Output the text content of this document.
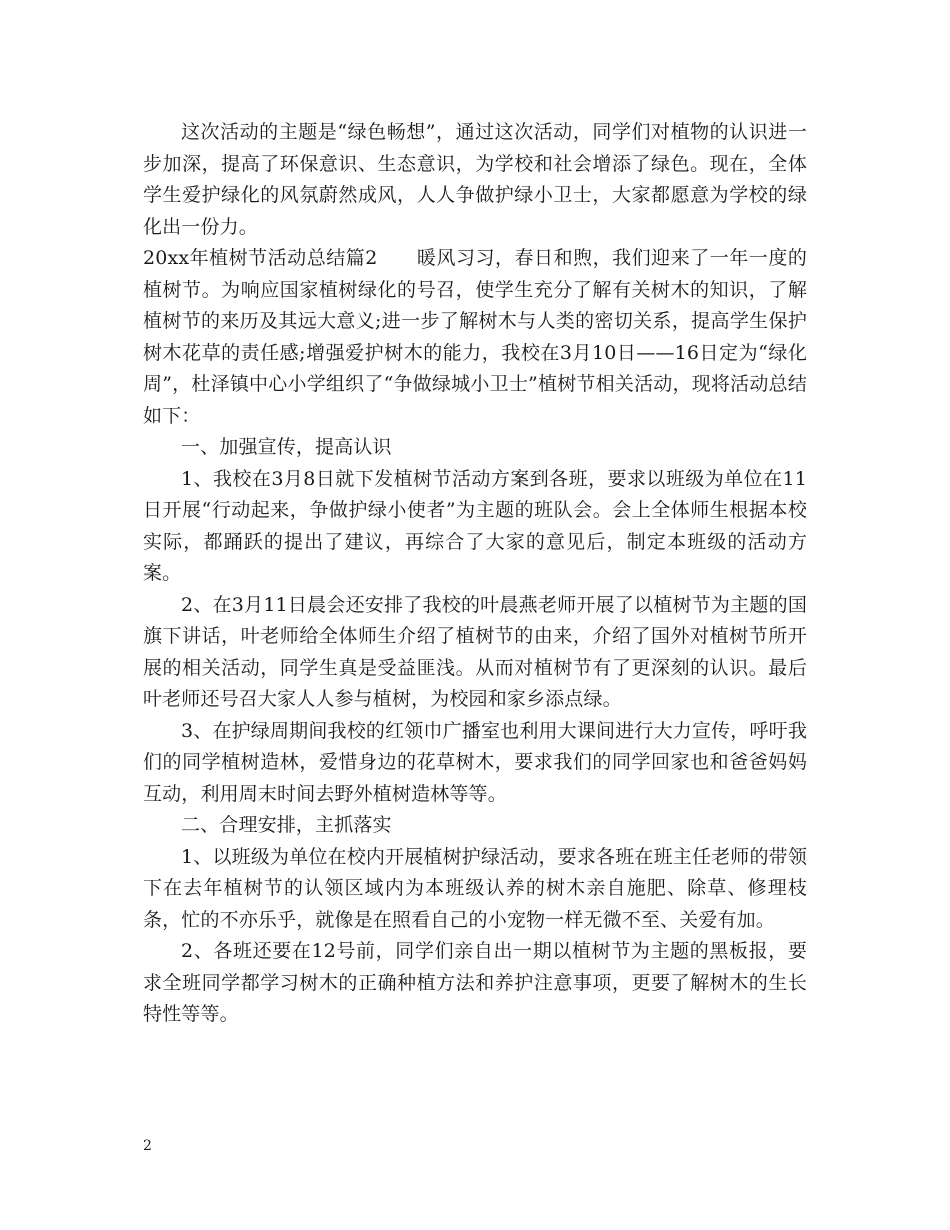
这次活动的主题是“绿色畅想”，通过这次活动，同学们对植物的认识进一步加深，提高了环保意识、生态意识，为学校和社会增添了绿色。现在，全体学生爱护绿化的风氛蔚然成风，人人争做护绿小卫士，大家都愿意为学校的绿化出一份力。

20xx年植树节活动总结篇2　　暖风习习，春日和煦，我们迎来了一年一度的植树节。为响应国家植树绿化的号召，使学生充分了解有关树木的知识，了解植树节的来历及其远大意义;进一步了解树木与人类的密切关系，提高学生保护树木花草的责任感;增强爱护树木的能力，我校在3月10日——16日定为“绿化周”，杜泽镇中心小学组织了“争做绿城小卫士”植树节相关活动，现将活动总结如下：

一、加强宣传，提高认识

1、我校在3月8日就下发植树节活动方案到各班，要求以班级为单位在11日开展“行动起来，争做护绿小使者”为主题的班队会。会上全体师生根据本校实际，都踊跃的提出了建议，再综合了大家的意见后，制定本班级的活动方案。

2、在3月11日晨会还安排了我校的叶晨燕老师开展了以植树节为主题的国旗下讲话，叶老师给全体师生介绍了植树节的由来，介绍了国外对植树节所开展的相关活动，同学生真是受益匪浅。从而对植树节有了更深刻的认识。最后叶老师还号召大家人人参与植树，为校园和家乡添点绿。

3、在护绿周期间我校的红领巾广播室也利用大课间进行大力宣传，呼吁我们的同学植树造林，爱惜身边的花草树木，要求我们的同学回家也和爸爸妈妈互动，利用周末时间去野外植树造林等等。

二、合理安排，主抓落实

1、以班级为单位在校内开展植树护绿活动，要求各班在班主任老师的带领下在去年植树节的认领区域内为本班级认养的树木亲自施肥、除草、修理枝条，忙的不亦乐乎，就像是在照看自己的小宠物一样无微不至、关爱有加。

2、各班还要在12号前，同学们亲自出一期以植树节为主题的黑板报，要求全班同学都学习树木的正确种植方法和养护注意事项，更要了解树木的生长特性等等。

2
